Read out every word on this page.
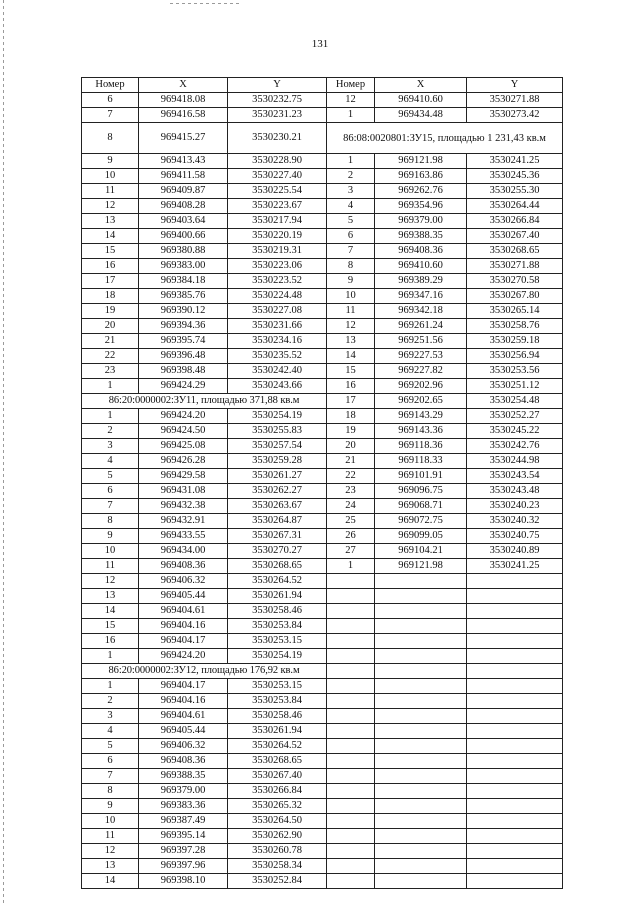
131
Номер	X	Y	Номер	X	Y
6	969418.08	3530232.75	12	969410.60	3530271.88
7	969416.58	3530231.23	1	969434.48	3530273.42
8	969415.27	3530230.21	86:08:0020801:ЗУ15, площадью 1 231,43 кв.м		
9	969413.43	3530228.90	1	969121.98	3530241.25
10	969411.58	3530227.40	2	969163.86	3530245.36
11	969409.87	3530225.54	3	969262.76	3530255.30
12	969408.28	3530223.67	4	969354.96	3530264.44
13	969403.64	3530217.94	5	969379.00	3530266.84
14	969400.66	3530220.19	6	969388.35	3530267.40
15	969380.88	3530219.31	7	969408.36	3530268.65
16	969383.00	3530223.06	8	969410.60	3530271.88
17	969384.18	3530223.52	9	969389.29	3530270.58
18	969385.76	3530224.48	10	969347.16	3530267.80
19	969390.12	3530227.08	11	969342.18	3530265.14
20	969394.36	3530231.66	12	969261.24	3530258.76
21	969395.74	3530234.16	13	969251.56	3530259.18
22	969396.48	3530235.52	14	969227.53	3530256.94
23	969398.48	3530242.40	15	969227.82	3530253.56
1	969424.29	3530243.66	16	969202.96	3530251.12
86:20:0000002:ЗУ11, площадью 371,88 кв.м			17	969202.65	3530254.48
1	969424.20	3530254.19	18	969143.29	3530252.27
2	969424.50	3530255.83	19	969143.36	3530245.22
3	969425.08	3530257.54	20	969118.36	3530242.76
4	969426.28	3530259.28	21	969118.33	3530244.98
5	969429.58	3530261.27	22	969101.91	3530243.54
6	969431.08	3530262.27	23	969096.75	3530243.48
7	969432.38	3530263.67	24	969068.71	3530240.23
8	969432.91	3530264.87	25	969072.75	3530240.32
9	969433.55	3530267.31	26	969099.05	3530240.75
10	969434.00	3530270.27	27	969104.21	3530240.89
11	969408.36	3530268.65	1	969121.98	3530241.25
12	969406.32	3530264.52			
13	969405.44	3530261.94			
14	969404.61	3530258.46			
15	969404.16	3530253.84			
16	969404.17	3530253.15			
1	969424.20	3530254.19			
86:20:0000002:ЗУ12, площадью 176,92 кв.м					
1	969404.17	3530253.15			
2	969404.16	3530253.84			
3	969404.61	3530258.46			
4	969405.44	3530261.94			
5	969406.32	3530264.52			
6	969408.36	3530268.65			
7	969388.35	3530267.40			
8	969379.00	3530266.84			
9	969383.36	3530265.32			
10	969387.49	3530264.50			
11	969395.14	3530262.90			
12	969397.28	3530260.78			
13	969397.96	3530258.34			
14	969398.10	3530252.84			
